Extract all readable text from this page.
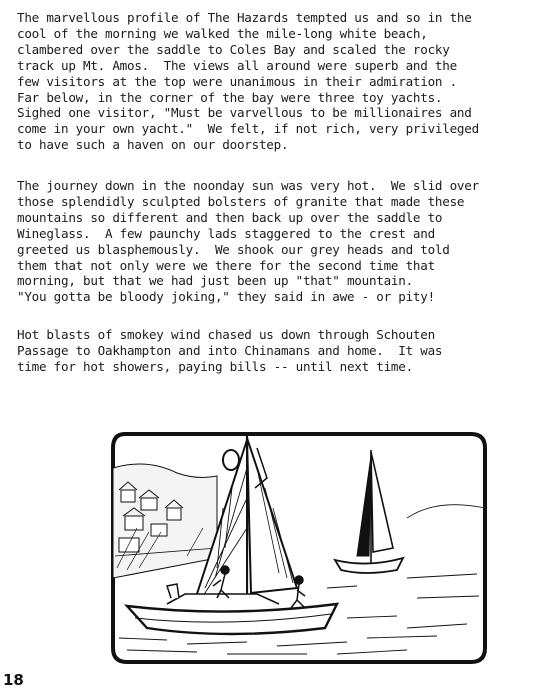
The marvellous profile of The Hazards tempted us and so in the
cool of the morning we walked the mile-long white beach,
clambered over the saddle to Coles Bay and scaled the rocky
track up Mt. Amos.  The views all around were superb and the
few visitors at the top were unanimous in their admiration .
Far below, in the corner of the bay were three toy yachts.
Sighed one visitor, "Must be varvellous to be millionaires and
come in your own yacht."  We felt, if not rich, very privileged
to have such a haven on our doorstep.
The journey down in the noonday sun was very hot.  We slid over
those splendidly sculpted bolsters of granite that made these
mountains so different and then back up over the saddle to
Wineglass.  A few paunchy lads staggered to the crest and
greeted us blasphemously.  We shook our grey heads and told
them that not only were we there for the second time that
morning, but that we had just been up "that" mountain.
"You gotta be bloody joking," they said in awe - or pity!
Hot blasts of smokey wind chased us down through Schouten
Passage to Oakhampton and into Chinamans and home.  It was
time for hot showers, paying bills -- until next time.
18
